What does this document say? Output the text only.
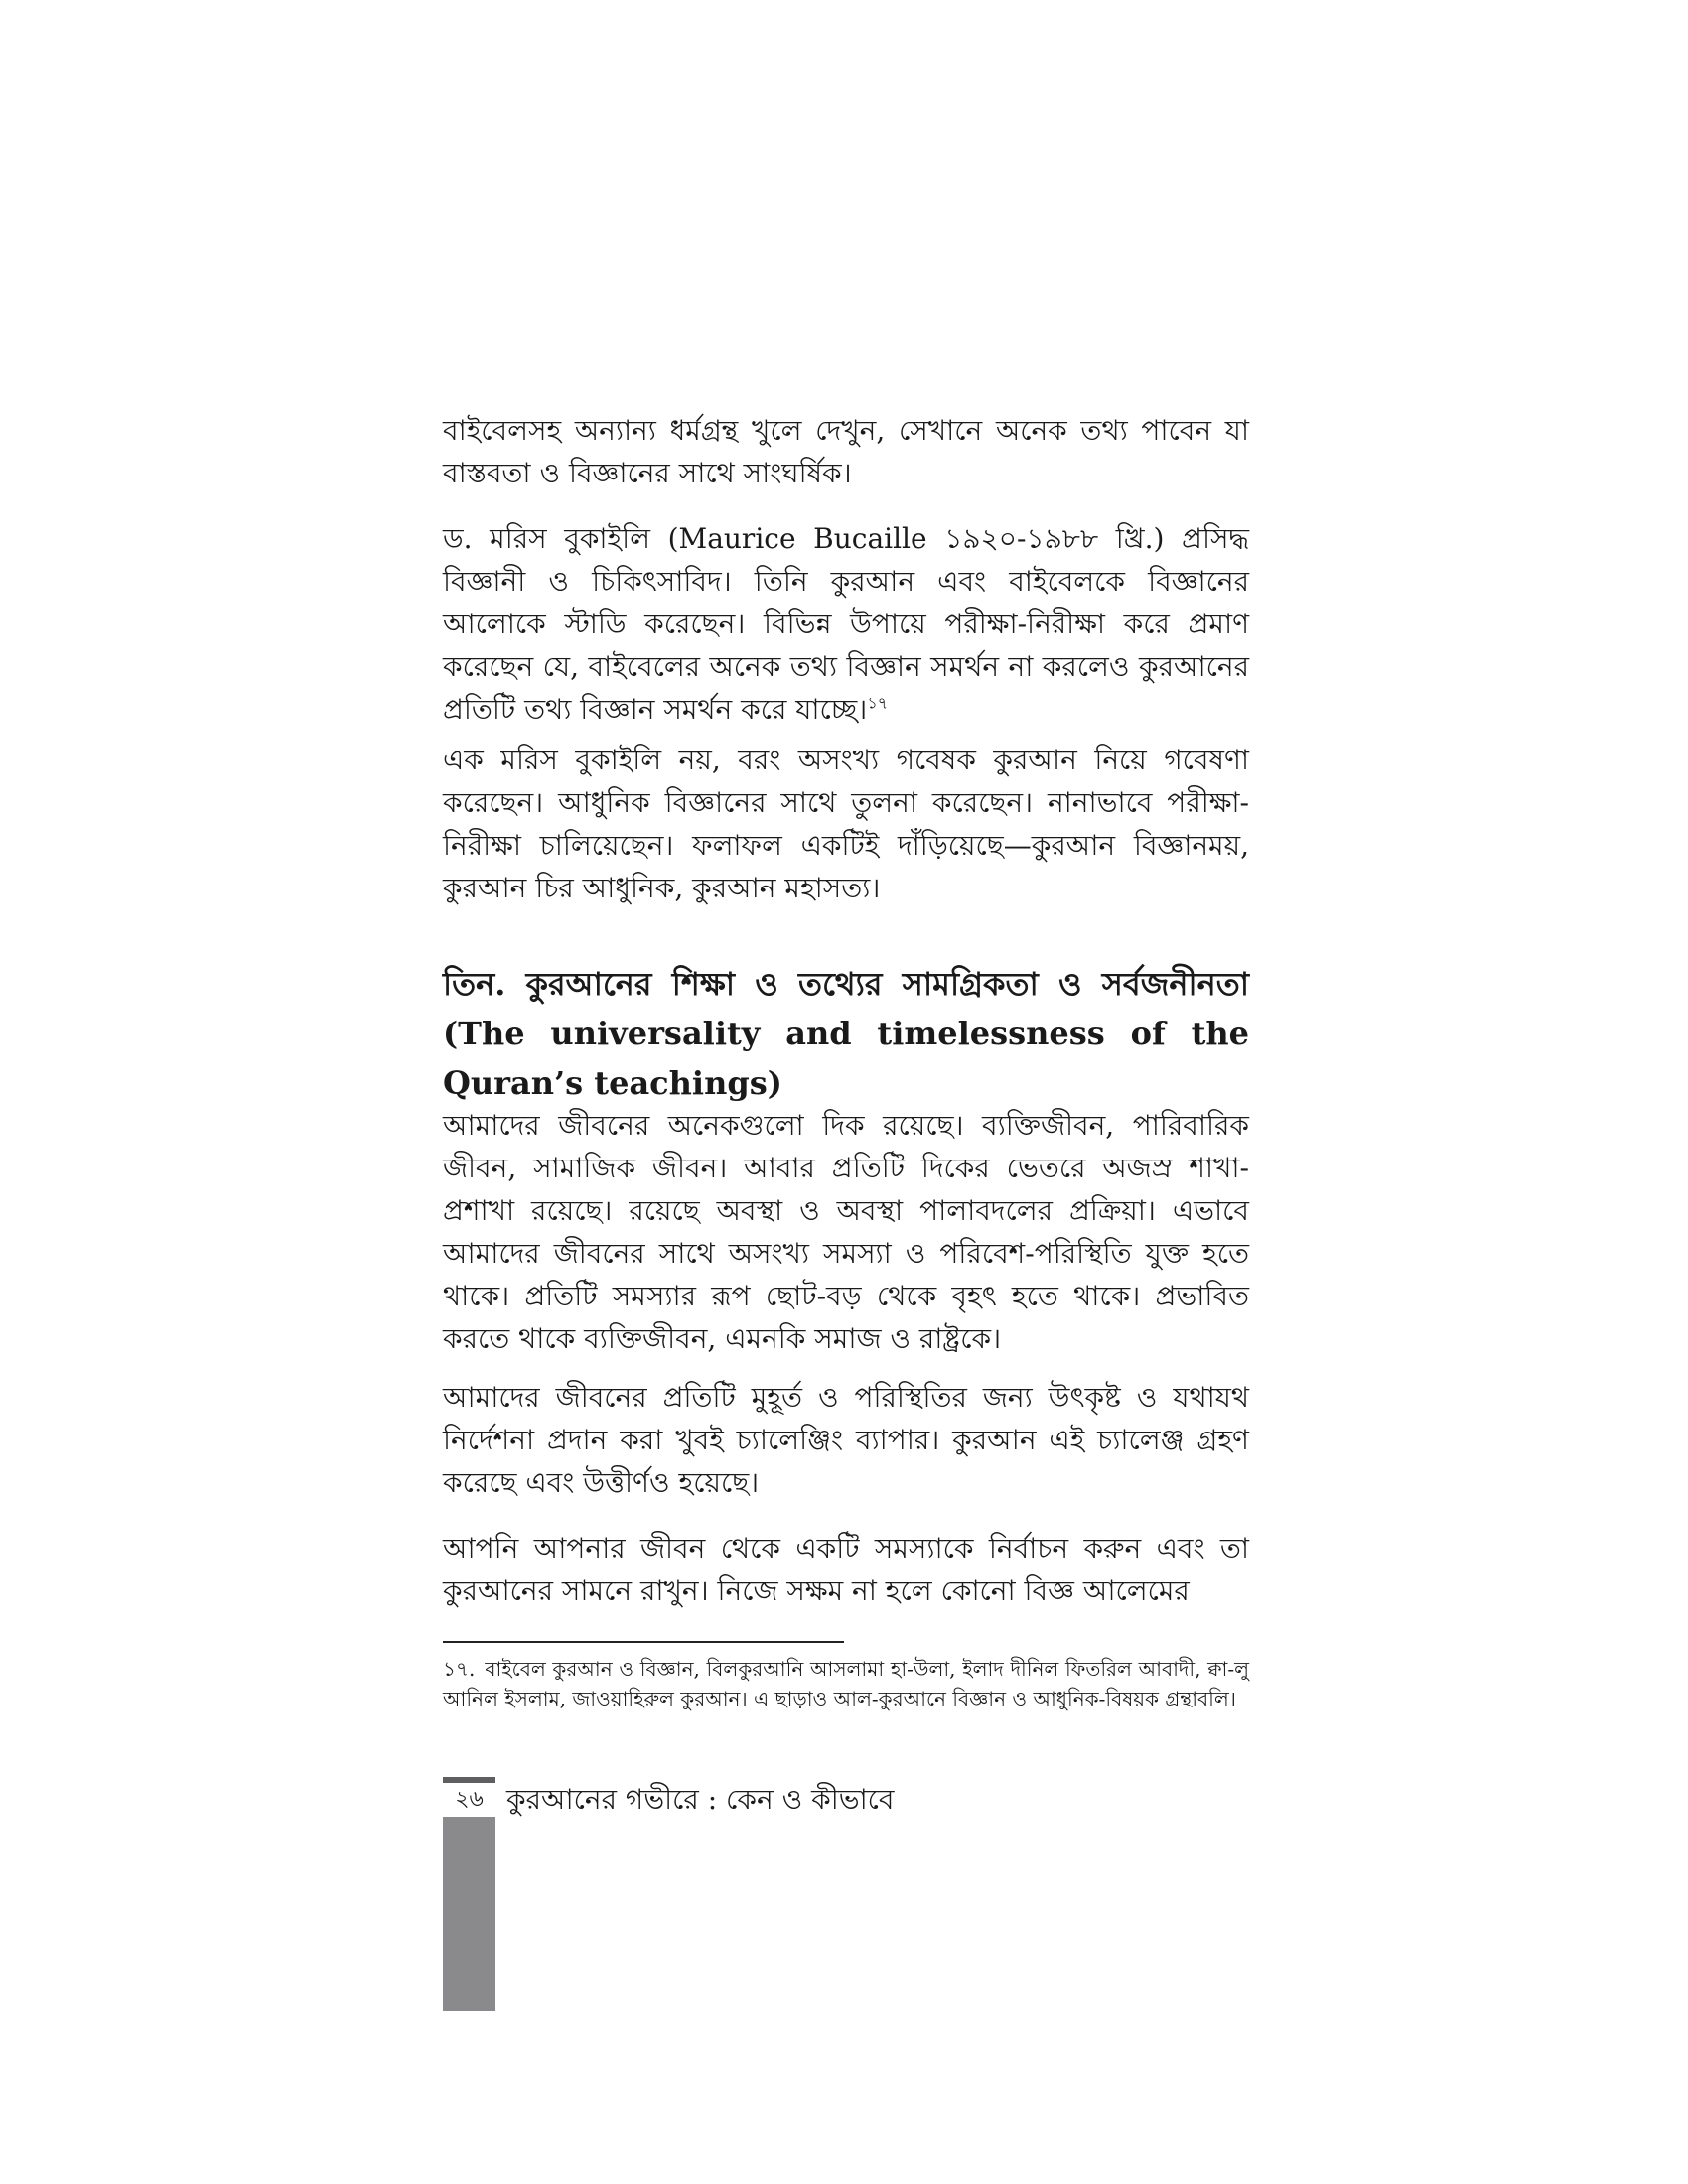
বাইবেলসহ অন্যান্য ধর্মগ্রন্থ খুলে দেখুন, সেখানে অনেক তথ্য পাবেন যা বাস্তবতা ও বিজ্ঞানের সাথে সাংঘর্ষিক।

ড. মরিস বুকাইলি (Maurice Bucaille ১৯২০-১৯৮৮ খ্রি.) প্রসিদ্ধ বিজ্ঞানী ও চিকিৎসাবিদ। তিনি কুরআন এবং বাইবেলকে বিজ্ঞানের আলোকে স্টাডি করেছেন। বিভিন্ন উপায়ে পরীক্ষা-নিরীক্ষা করে প্রমাণ করেছেন যে, বাইবেলের অনেক তথ্য বিজ্ঞান সমর্থন না করলেও কুরআনের প্রতিটি তথ্য বিজ্ঞান সমর্থন করে যাচ্ছে।$^{১৭}$

এক মরিস বুকাইলি নয়, বরং অসংখ্য গবেষক কুরআন নিয়ে গবেষণা করেছেন। আধুনিক বিজ্ঞানের সাথে তুলনা করেছেন। নানাভাবে পরীক্ষা-নিরীক্ষা চালিয়েছেন। ফলাফল একটিই দাঁড়িয়েছে—কুরআন বিজ্ঞানময়, কুরআন চির আধুনিক, কুরআন মহাসত্য।

তিন. কুরআনের শিক্ষা ও তথ্যের সামগ্রিকতা ও সর্বজনীনতা (The universality and timelessness of the Quran’s teachings)

আমাদের জীবনের অনেকগুলো দিক রয়েছে। ব্যক্তিজীবন, পারিবারিক জীবন, সামাজিক জীবন। আবার প্রতিটি দিকের ভেতরে অজস্র শাখা-প্রশাখা রয়েছে। রয়েছে অবস্থা ও অবস্থা পালাবদলের প্রক্রিয়া। এভাবে আমাদের জীবনের সাথে অসংখ্য সমস্যা ও পরিবেশ-পরিস্থিতি যুক্ত হতে থাকে। প্রতিটি সমস্যার রূপ ছোট-বড় থেকে বৃহৎ হতে থাকে। প্রভাবিত করতে থাকে ব্যক্তিজীবন, এমনকি সমাজ ও রাষ্ট্রকে।

আমাদের জীবনের প্রতিটি মুহূর্ত ও পরিস্থিতির জন্য উৎকৃষ্ট ও যথাযথ নির্দেশনা প্রদান করা খুবই চ্যালেঞ্জিং ব্যাপার। কুরআন এই চ্যালেঞ্জ গ্রহণ করেছে এবং উত্তীর্ণও হয়েছে।

আপনি আপনার জীবন থেকে একটি সমস্যাকে নির্বাচন করুন এবং তা কুরআনের সামনে রাখুন। নিজে সক্ষম না হলে কোনো বিজ্ঞ আলেমের

১৭. বাইবেল কুরআন ও বিজ্ঞান, বিলকুরআনি আসলামা হা-উলা, ইলাদ দীনিল ফিতরিল আবাদী, ক্বা-লু আনিল ইসলাম, জাওয়াহিরুল কুরআন। এ ছাড়াও আল-কুরআনে বিজ্ঞান ও আধুনিক-বিষয়ক গ্রন্থাবলি।

২৬ কুরআনের গভীরে : কেন ও কীভাবে
